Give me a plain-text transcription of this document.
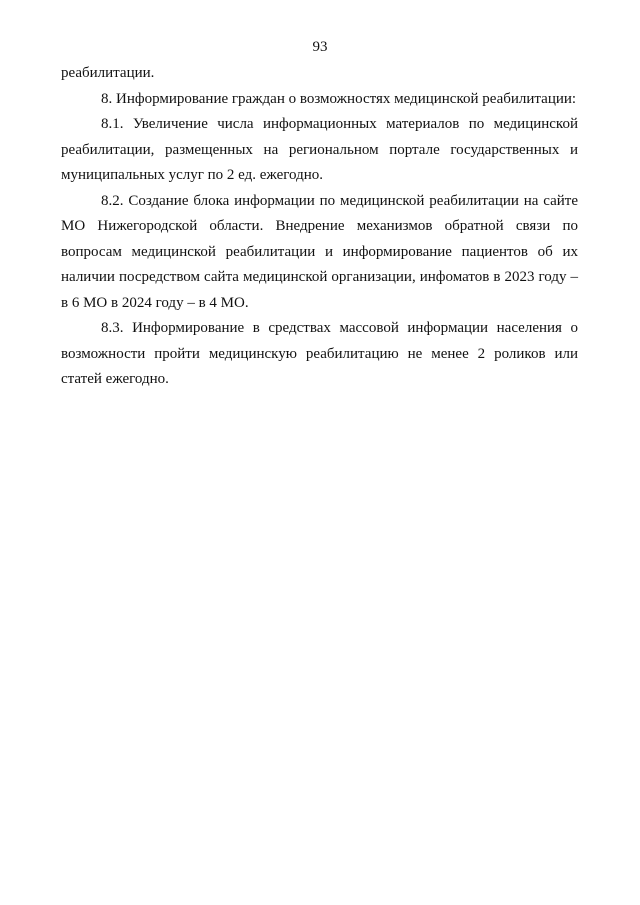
93

реабилитации.

8. Информирование граждан о возможностях медицинской реабилитации:

8.1. Увеличение числа информационных материалов по медицинской реабилитации, размещенных на региональном портале государственных и муниципальных услуг по 2 ед. ежегодно.

8.2. Создание блока информации по медицинской реабилитации на сайте МО Нижегородской области. Внедрение механизмов обратной связи по вопросам медицинской реабилитации и информирование пациентов об их наличии посредством сайта медицинской организации, инфоматов в 2023 году – в 6 МО в 2024 году – в 4 МО.

8.3. Информирование в средствах массовой информации населения о возможности пройти медицинскую реабилитацию не менее 2 роликов или статей ежегодно.
